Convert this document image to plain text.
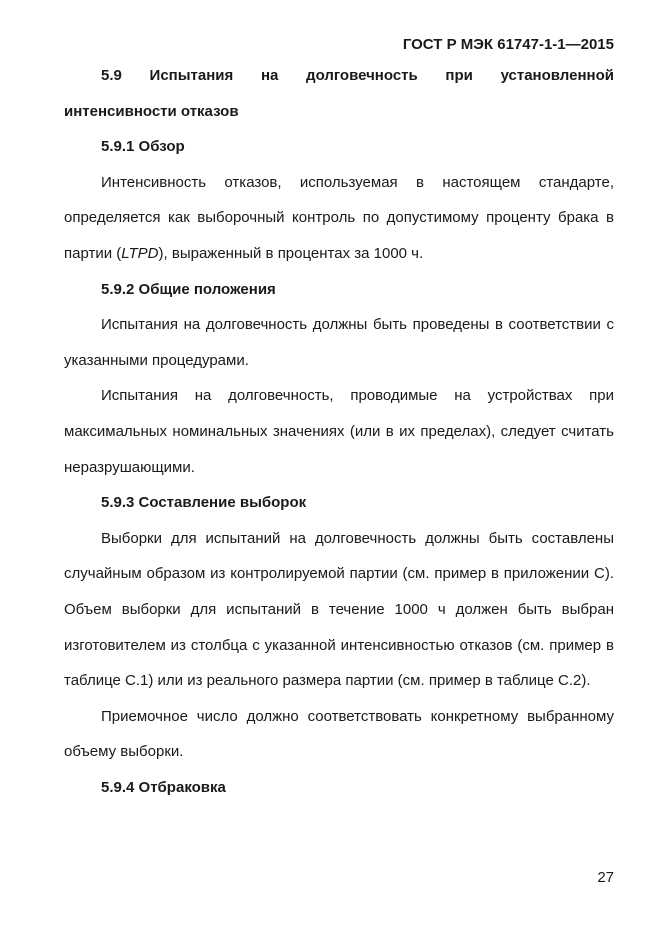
ГОСТ Р МЭК 61747-1-1—2015
5.9 Испытания на долговечность при установленной

интенсивности отказов

5.9.1 Обзор

Интенсивность отказов, используемая в настоящем стандарте, определяется как выборочный контроль по допустимому проценту брака в партии (LTPD), выраженный в процентах за 1000 ч.

5.9.2 Общие положения

Испытания на долговечность должны быть проведены в соответствии с указанными процедурами.

Испытания на долговечность, проводимые на устройствах при максимальных номинальных значениях (или в их пределах), следует считать неразрушающими.

5.9.3 Составление выборок

Выборки для испытаний на долговечность должны быть составлены случайным образом из контролируемой партии (см. пример в приложении С). Объем выборки для испытаний в течение 1000 ч должен быть выбран изготовителем из столбца с указанной интенсивностью отказов (см. пример в таблице С.1) или из реального размера партии (см. пример в таблице С.2).

Приемочное число должно соответствовать конкретному выбранному объему выборки.

5.9.4 Отбраковка

27
